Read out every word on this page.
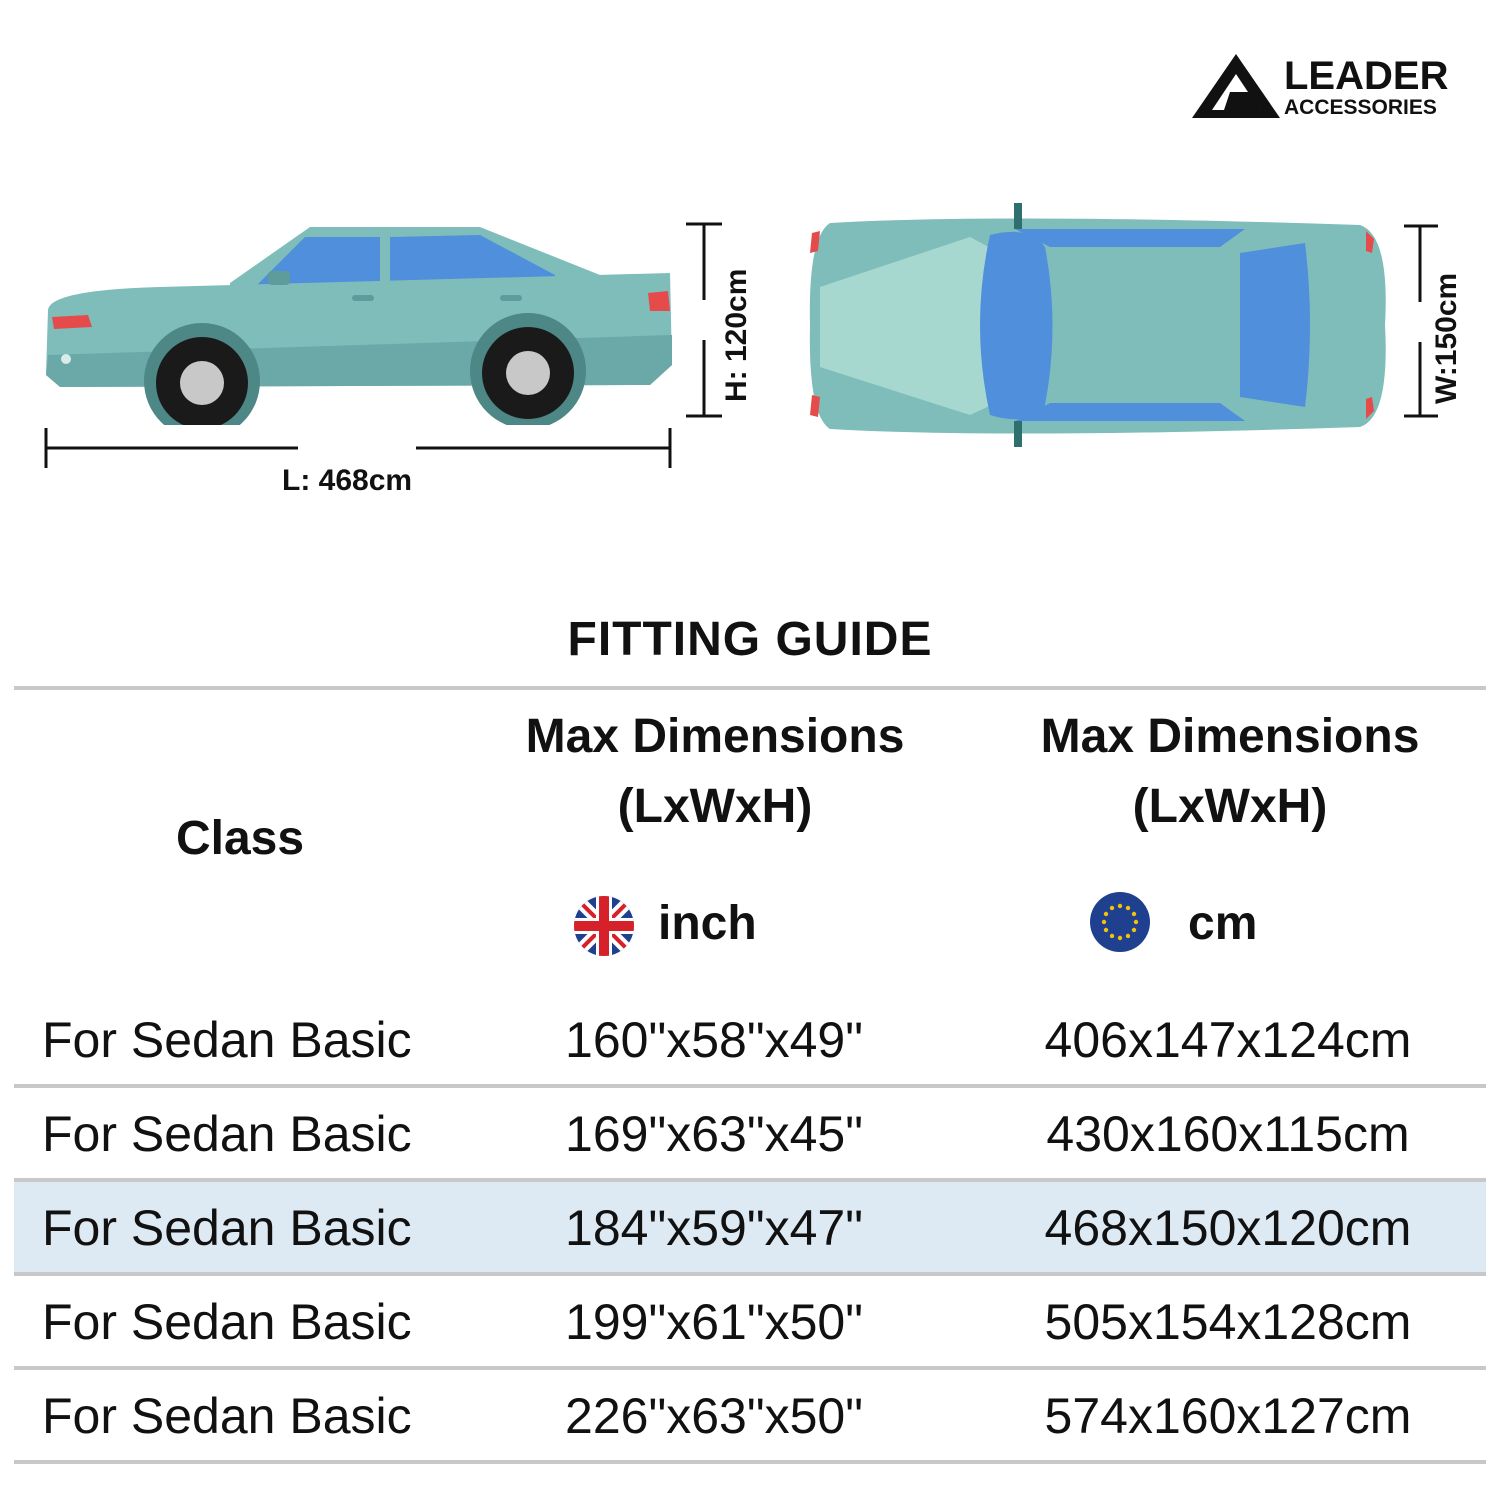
LEADER
ACCESSORIES
L: 468cm
H: 120cm	W:150cm
FITTING GUIDE
Class
Max Dimensions
(LxWxH)
Max Dimensions
(LxWxH)
inch	cm
For Sedan Basic	160"x58"x49"	406x147x124cm
For Sedan Basic	169"x63"x45"	430x160x115cm
For Sedan Basic	184"x59"x47"	468x150x120cm
For Sedan Basic	199"x61"x50"	505x154x128cm
For Sedan Basic	226"x63"x50"	574x160x127cm
